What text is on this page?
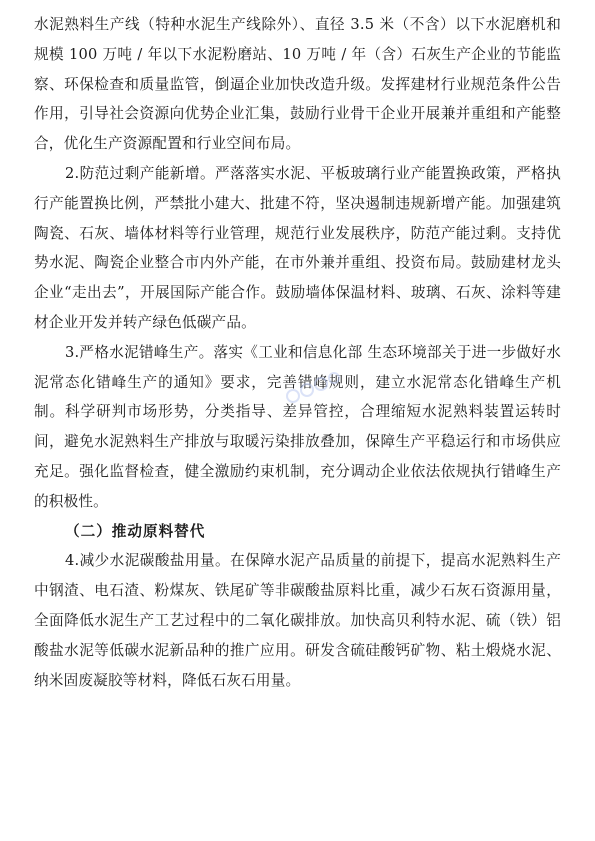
水泥熟料生产线（特种水泥生产线除外）、直径 3.5 米（不含）以下水泥磨机和规模 100 万吨 / 年以下水泥粉磨站、10 万吨 / 年（含）石灰生产企业的节能监察、环保检查和质量监管，倒逼企业加快改造升级。发挥建材行业规范条件公告作用，引导社会资源向优势企业汇集，鼓励行业骨干企业开展兼并重组和产能整合，优化生产资源配置和行业空间布局。

2.防范过剩产能新增。严落落实水泥、平板玻璃行业产能置换政策，严格执行产能置换比例，严禁批小建大、批建不符，坚决遏制违规新增产能。加强建筑陶瓷、石灰、墙体材料等行业管理，规范行业发展秩序，防范产能过剩。支持优势水泥、陶瓷企业整合市内外产能，在市外兼并重组、投资布局。鼓励建材龙头企业“走出去”，开展国际产能合作。鼓励墙体保温材料、玻璃、石灰、涂料等建材企业开发并转产绿色低碳产品。

3.严格水泥错峰生产。落实《工业和信息化部 生态环境部关于进一步做好水泥常态化错峰生产的通知》要求，完善错峰规则，建立水泥常态化错峰生产机制。科学研判市场形势，分类指导、差异管控，合理缩短水泥熟料装置运转时间，避免水泥熟料生产排放与取暖污染排放叠加，保障生产平稳运行和市场供应充足。强化监督检查，健全激励约束机制，充分调动企业依法依规执行错峰生产的积极性。

（二）推动原料替代

4.减少水泥碳酸盐用量。在保障水泥产品质量的前提下，提高水泥熟料生产中钢渣、电石渣、粉煤灰、铁尾矿等非碳酸盐原料比重，减少石灰石资源用量，全面降低水泥生产工艺过程中的二氧化碳排放。加快高贝利特水泥、硫（铁）铝酸盐水泥等低碳水泥新品种的推广应用。研发含硫硅酸钙矿物、粘土煅烧水泥、纳米固废凝胶等材料，降低石灰石用量。
